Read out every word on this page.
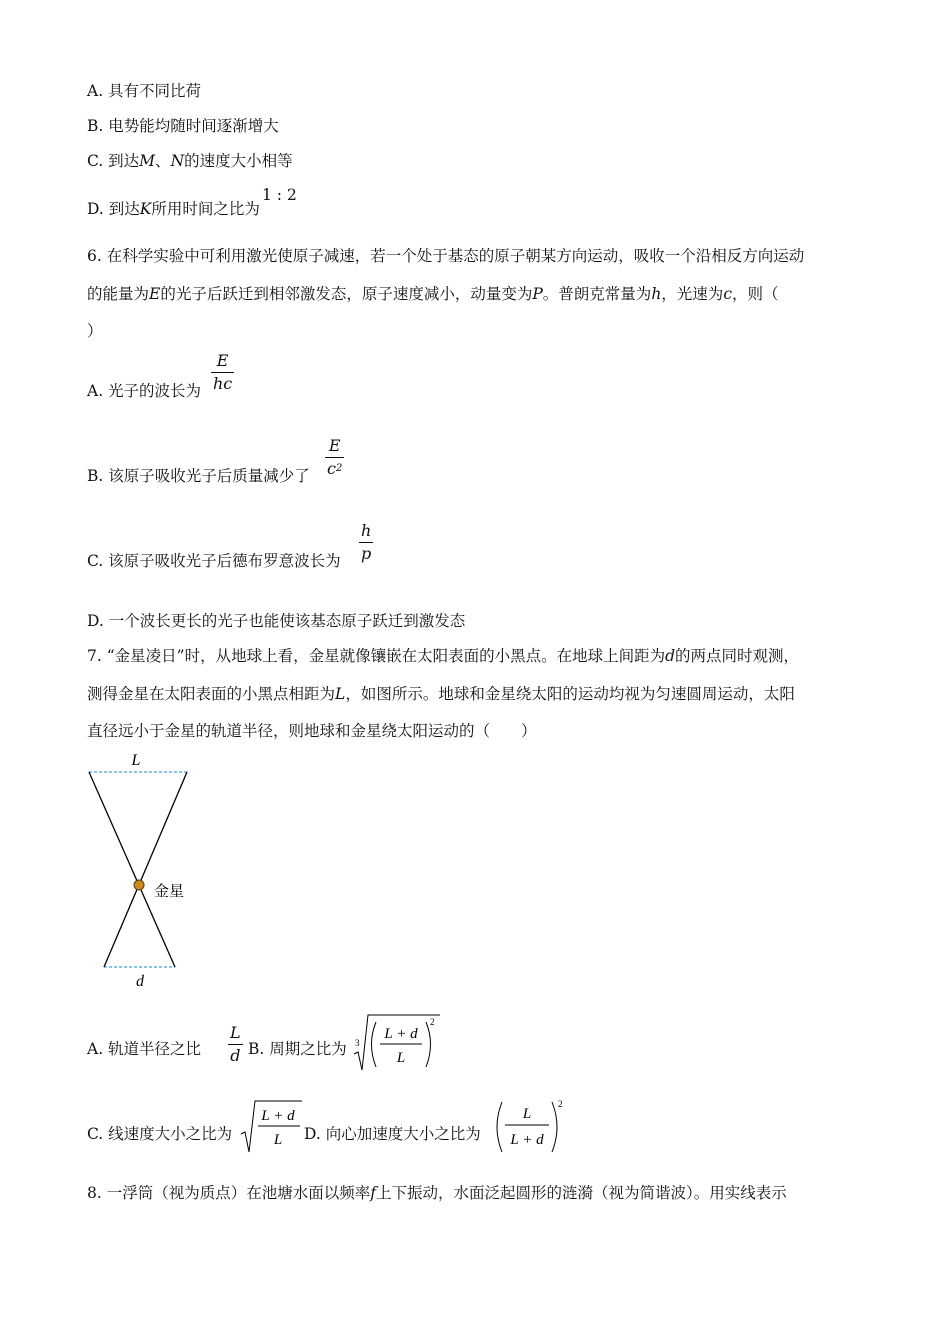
A. 具有不同比荷
B. 电势能均随时间逐渐增大
C. 到达M、N的速度大小相等
D. 到达K所用时间之比为
1 : 2
6. 在科学实验中可利用激光使原子减速，若一个处于基态的原子朝某方向运动，吸收一个沿相反方向运动
的能量为E的光子后跃迁到相邻激发态，原子速度减小，动量变为P。普朗克常量为h，光速为c，则（
）
A. 光子的波长为 $\frac{E}{hc}$
B. 该原子吸收光子后质量减少了 $\frac{E}{c^2}$
C. 该原子吸收光子后德布罗意波长为 $\frac{h}{p}$
D. 一个波长更长的光子也能使该基态原子跃迁到激发态
7. “金星凌日”时，从地球上看，金星就像镶嵌在太阳表面的小黑点。在地球上间距为d的两点同时观测，
测得金星在太阳表面的小黑点相距为L，如图所示。地球和金星绕太阳的运动均视为匀速圆周运动，太阳
直径远小于金星的轨道半径，则地球和金星绕太阳运动的（　　）
L
d
金星
A. 轨道半径之比 $\frac{L}{d} B$. 周期之比为 3
L + d
L
2
C. 线速度大小之比为
L + d
L D. 向心加速度大小之比为
L
L + d
2
8. 一浮筒（视为质点）在池塘水面以频率f上下振动，水面泛起圆形的涟漪（视为简谐波）。用实线表示
